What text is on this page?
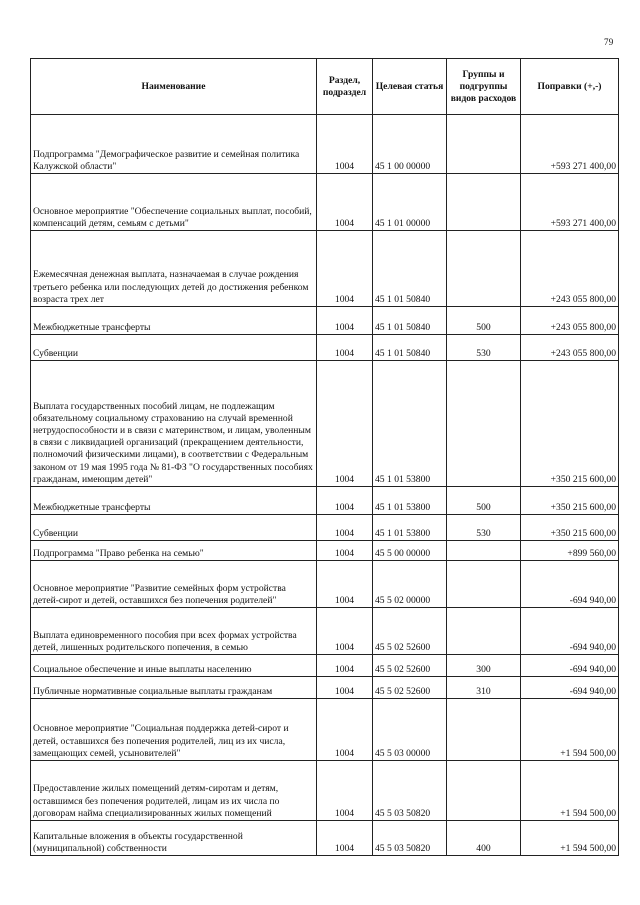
79
Наименование	Раздел, подраздел	Целевая статья	Группы и подгруппы видов расходов	Поправки (+,-)
Подпрограмма "Демографическое развитие и семейная политика Калужской области"	1004	45 1 00 00000		+593 271 400,00
Основное мероприятие "Обеспечение социальных выплат, пособий, компенсаций детям, семьям с детьми"	1004	45 1 01 00000		+593 271 400,00
Ежемесячная денежная выплата, назначаемая в случае рождения третьего ребенка или последующих детей до достижения ребенком возраста трех лет	1004	45 1 01 50840		+243 055 800,00
Межбюджетные трансферты	1004	45 1 01 50840	500	+243 055 800,00
Субвенции	1004	45 1 01 50840	530	+243 055 800,00
Выплата государственных пособий лицам, не подлежащим обязательному социальному страхованию на случай временной нетрудоспособности и в связи с материнством, и лицам, уволенным в связи с ликвидацией организаций (прекращением деятельности, полномочий физическими лицами), в соответствии с Федеральным законом от 19 мая 1995 года № 81-ФЗ "О государственных пособиях гражданам, имеющим детей"	1004	45 1 01 53800		+350 215 600,00
Межбюджетные трансферты	1004	45 1 01 53800	500	+350 215 600,00
Субвенции	1004	45 1 01 53800	530	+350 215 600,00
Подпрограмма "Право ребенка на семью"	1004	45 5 00 00000		+899 560,00
Основное мероприятие "Развитие семейных форм устройства детей-сирот и детей, оставшихся без попечения родителей"	1004	45 5 02 00000		-694 940,00
Выплата единовременного пособия при всех формах устройства детей, лишенных родительского попечения, в семью	1004	45 5 02 52600		-694 940,00
Социальное обеспечение и иные выплаты населению	1004	45 5 02 52600	300	-694 940,00
Публичные нормативные социальные выплаты гражданам	1004	45 5 02 52600	310	-694 940,00
Основное мероприятие "Социальная поддержка детей-сирот и детей, оставшихся без попечения родителей, лиц из их числа, замещающих семей, усыновителей"	1004	45 5 03 00000		+1 594 500,00
Предоставление жилых помещений детям-сиротам и детям, оставшимся без попечения родителей, лицам из их числа по договорам найма специализированных жилых помещений	1004	45 5 03 50820		+1 594 500,00
Капитальные вложения в объекты государственной (муниципальной) собственности	1004	45 5 03 50820	400	+1 594 500,00
